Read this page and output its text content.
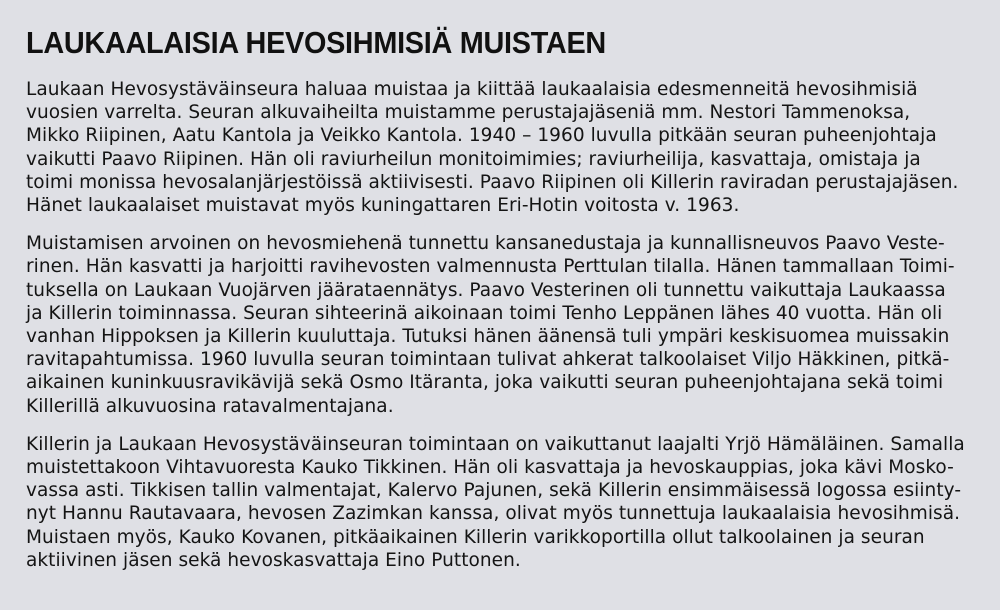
LAUKAALAISIA HEVOSIHMISIÄ MUISTAEN
Laukaan Hevosystäväinseura haluaa muistaa ja kiittää laukaalaisia edesmenneitä hevosihmisiä
vuosien varrelta. Seuran alkuvaiheilta muistamme perustajajäseniä mm. Nestori Tammenoksa,
Mikko Riipinen, Aatu Kantola ja Veikko Kantola. 1940 – 1960 luvulla pitkään seuran puheenjohtaja
vaikutti Paavo Riipinen. Hän oli raviurheilun monitoimimies; raviurheilija, kasvattaja, omistaja ja
toimi monissa hevosalanjärjestöissä aktiivisesti. Paavo Riipinen oli Killerin raviradan perustajajäsen.
Hänet laukaalaiset muistavat myös kuningattaren Eri-Hotin voitosta v. 1963.
Muistamisen arvoinen on hevosmiehenä tunnettu kansanedustaja ja kunnallisneuvos Paavo Veste-
rinen. Hän kasvatti ja harjoitti ravihevosten valmennusta Perttulan tilalla. Hänen tammallaan Toimi-
tuksella on Laukaan Vuojärven jäärataennätys. Paavo Vesterinen oli tunnettu vaikuttaja Laukaassa
ja Killerin toiminnassa. Seuran sihteerinä aikoinaan toimi Tenho Leppänen lähes 40 vuotta. Hän oli
vanhan Hippoksen ja Killerin kuuluttaja. Tutuksi hänen äänensä tuli ympäri keskisuomea muissakin
ravitapahtumissa. 1960 luvulla seuran toimintaan tulivat ahkerat talkoolaiset Viljo Häkkinen, pitkä-
aikainen kuninkuusravikävijä sekä Osmo Itäranta, joka vaikutti seuran puheenjohtajana sekä toimi
Killerillä alkuvuosina ratavalmentajana.
Killerin ja Laukaan Hevosystäväinseuran toimintaan on vaikuttanut laajalti Yrjö Hämäläinen. Samalla
muistettakoon Vihtavuoresta Kauko Tikkinen. Hän oli kasvattaja ja hevoskauppias, joka kävi Mosko-
vassa asti. Tikkisen tallin valmentajat, Kalervo Pajunen, sekä Killerin ensimmäisessä logossa esiinty-
nyt Hannu Rautavaara, hevosen Zazimkan kanssa, olivat myös tunnettuja laukaalaisia hevosihmisä.
Muistaen myös, Kauko Kovanen, pitkäaikainen Killerin varikkoportilla ollut talkoolainen ja seuran
aktiivinen jäsen sekä hevoskasvattaja Eino Puttonen.
